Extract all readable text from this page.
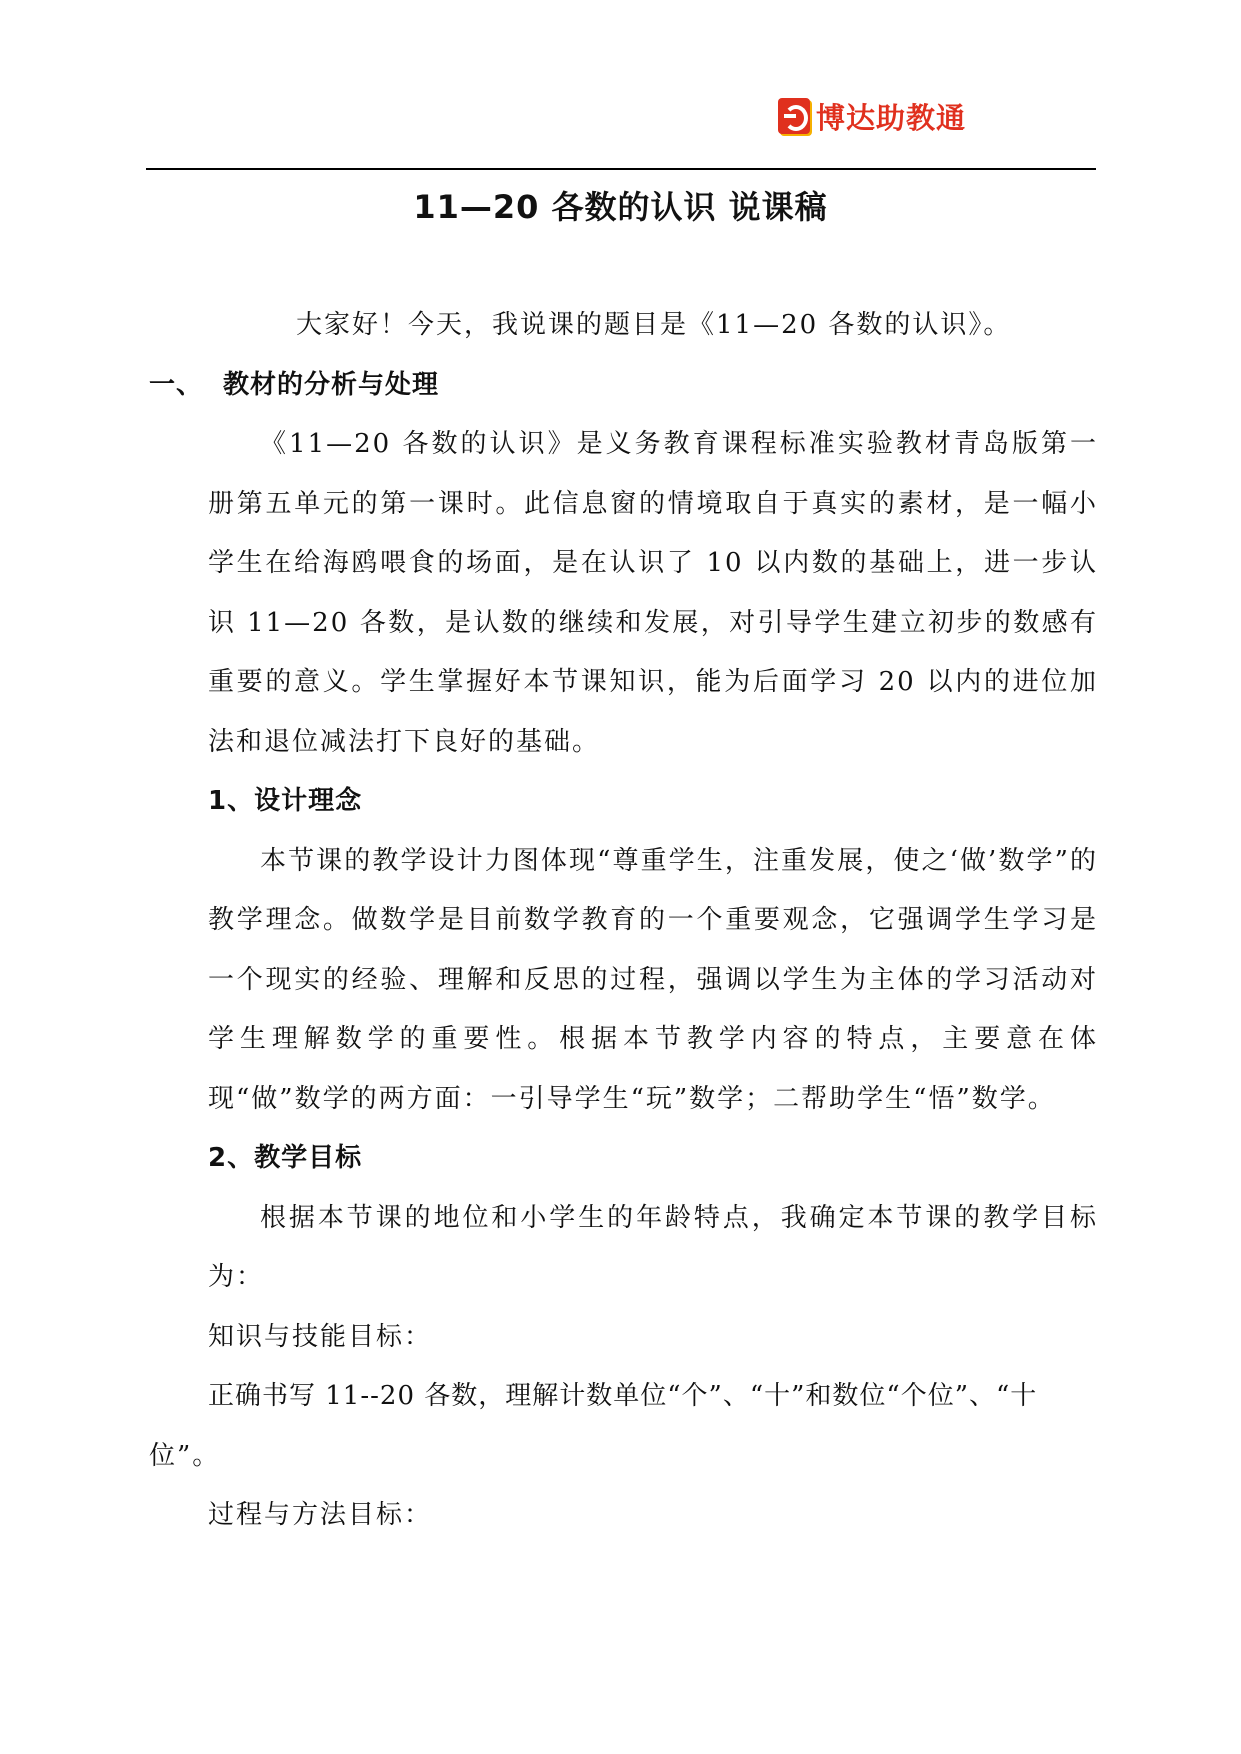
博达助教通
11—20 各数的认识 说课稿

大家好！今天，我说课的题目是《11—20 各数的认识》。

一、 教材的分析与处理

《11—20 各数的认识》是义务教育课程标准实验教材青岛版第一册第五单元的第一课时。此信息窗的情境取自于真实的素材，是一幅小学生在给海鸥喂食的场面，是在认识了 10 以内数的基础上，进一步认识 11—20 各数，是认数的继续和发展，对引导学生建立初步的数感有重要的意义。学生掌握好本节课知识，能为后面学习 20 以内的进位加法和退位减法打下良好的基础。

1、设计理念

本节课的教学设计力图体现“尊重学生，注重发展，使之‘做’数学”的教学理念。做数学是目前数学教育的一个重要观念，它强调学生学习是一个现实的经验、理解和反思的过程，强调以学生为主体的学习活动对学生理解数学的重要性。根据本节教学内容的特点，主要意在体现“做”数学的两方面：一引导学生“玩”数学；二帮助学生“悟”数学。

2、教学目标

根据本节课的地位和小学生的年龄特点，我确定本节课的教学目标为：

知识与技能目标：

正确书写 11--20 各数，理解计数单位“个”、“十”和数位“个位”、“十

位”。

过程与方法目标：
